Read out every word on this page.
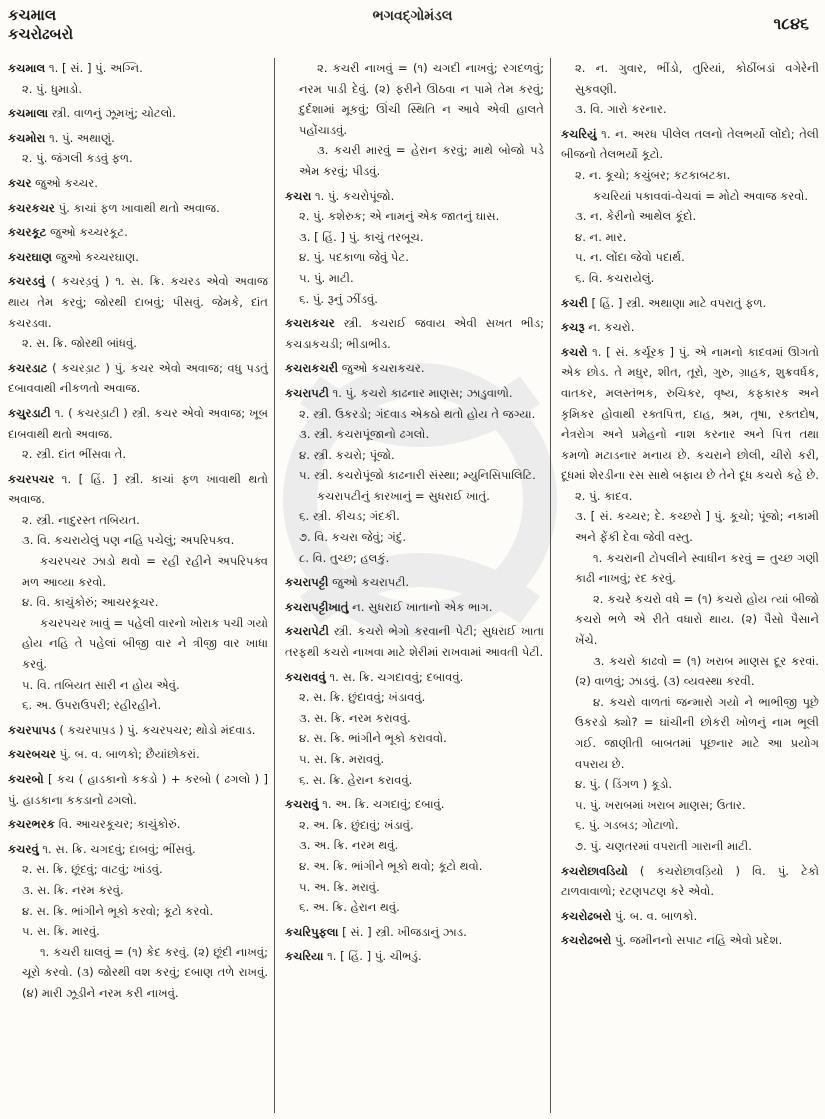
કચમાલ
કચરોઢબરો
ભગવદ્ગોમંડલ	૧૮૪૬
કચમાલ ૧. [ સં. ] પું. અગ્નિ.
૨. પું. ધુમાડો.
કચમાલા સ્ત્રી. વાળનું ઝૂમખું; ચોટલો.
કચમોરા ૧. પું. અથાણું.
૨. પું. જંગલી કડવું ફળ.
કચર જુઓ કચ્ચર.
કચરકચર પું. કાચાં ફળ ખાવાથી થતો અવાજ.
કચરકૂટ જુઓ કચ્ચરકૂટ.
કચરઘાણ જુઓ કચ્ચરઘાણ.
કચરડવું ( કચરડ઼વું ) ૧. સ. ક્રિ. કચરડ એવો અવાજ થાય તેમ કરવું; જોરથી દાબવું; પીસવું. જેમકે, દાંત કચરડવા.
૨. સ. ક્રિ. જોરથી બાંધવું.
કચરડાટ ( કચરડ઼ાટ ) પું. કચર એવો અવાજ; વધુ પડતું દબાવવાથી નીકળતો અવાજ.
કચુરડાટી ૧. ( કચરડ઼ાટી ) સ્ત્રી. કચર એવો અવાજ; ખૂબ દાબવાથી થતો અવાજ.
૨. સ્ત્રી. દાંત ભીંસવા તે.
કચરપચર ૧. [ હિં. ] સ્ત્રી. કાચાં ફળ ખાવાથી થતો અવાજ.
૨. સ્ત્રી. નાદુરસ્ત તબિયત.
૩. વિ. કચરાયેલું પણ નહિ પચેલું; અપરિપક્વ.
કચરપચર ઝાડો થવો = રહી રહીને અપરિપક્વ મળ આવ્યા કરવો.
૪. વિ. કાચુંકોરું; આચરકૂચર.
કચરપચર ખાવું = પહેલી વારનો ખોરાક પચી ગયો હોય નહિ તે પહેલાં બીજી વાર ને ત્રીજી વાર ખાધા કરવું.
૫. વિ. તબિયત સારી ન હોય એવું.
૬. અ. ઉપરાઉપરી; રહીરહીને.
કચરપાપડ ( કચરપાપ઼ડ ) પું. કચરપચર; થોડો મંદવાડ.
કચરબચર પું. બ. વ. બાળકો; છૈયાંછોકરાં.
કચરબો [ કચ ( હાડકાનો કકડો ) + કરબો ( ઢગલો ) ] પું. હાડકાના કકડાનો ઢગલો.
કચરભરક વિ. આચરકૂચર; કાચુંકોરું.
કચરવું ૧. સ. ક્રિ. ચગદવું; દાબવું; ભીંસવું.
૨. સ. ક્રિ. છૂંદવું; વાટવું; ખાંડવું.
૩. સ. ક્રિ. નરમ કરવું.
૪. સ. ક્રિ. ભાંગીને ભૂકો કરવો; કૂટો કરવો.
૫. સ. ક્રિ. મારવું.
૧. કચરી ઘાલવું = (૧) કેદ કરવું. (૨) છૂંદી નાખવું; ચૂરો કરવો. (૩) જોરથી વશ કરવું; દબાણ તળે રાખવું. (૪) મારી ઝૂડીને નરમ કરી નાખવું.
૨. કચરી નાખવું = (૧) ચગદી નાખવું; રગદળવું; નરમ પાડી દેવું. (૨) ફરીને ઊઠવા ન પામે તેમ કરવું; દુર્દશામાં મૂકવું; ઊંચી સ્થિતિ ન આવે એવી હાલતે પહોંચાડવું.
૩. કચરી મારવું = હેરાન કરવું; માથે બોજો પડે એમ કરવું; પીડવું.
કચરા ૧. પું. કચરોપૂંજો.
૨. પું. કશેરુક; એ નામનું એક જાતનું ઘાસ.
૩. [ હિં. ] પું. કાચું તરબૂચ.
૪. પું. પદકાળા જેવું પેટ.
૫. પું. માટી.
૬. પું. રૂનું ઝીંડવું.
કચરાકચર સ્ત્રી. કચરાઈ જવાય એવી સખત ભીડ; કચડાકચડી; ભીડાભીડ.
કચરાકચરી જુઓ કચરાકચર.
કચરાપટી ૧. પું. કચરો કાઢનાર માણસ; ઝાડુવાળો.
૨. સ્ત્રી. ઉકરડો; ગંદવાડ એકઠો થતો હોય તે જગ્યા.
૩. સ્ત્રી. કચરાપૂંજાનો ઢગલો.
૪. સ્ત્રી. કચરો; પૂંજો.
૫. સ્ત્રી. કચરોપૂંજો કાઢનારી સંસ્થા; મ્યુનિસિપાલિટિ.
કચરાપટીનું કારખાનું = સુધરાઈ ખાતું.
૬. સ્ત્રી. કીચડ; ગંદકી.
૭. વિ. કચરા જેવું; ગંદું.
૮. વિ. તુચ્છ; હલકું.
કચરાપટ્ટી જુઓ કચરાપટી.
કચરાપટ્ટીખાતું ન. સુધરાઈ ખાતાનો એક ભાગ.
કચરાપેટી સ્ત્રી. કચરો ભેગો કરવાની પેટી; સુધરાઈ ખાતા તરફથી કચરો નાખવા માટે શેરીમાં રાખવામાં આવતી પેટી.
કચરાવવું ૧. સ. ક્રિ. ચગદાવવું; દબાવવું.
૨. સ. ક્રિ. છુંદાવવું; ખંડાવવું.
૩. સ. ક્રિ. નરમ કરાવવું.
૪. સ. ક્રિ. ભાંગીને ભૂકો કરાવવો.
૫. સ. ક્રિ. મરાવવું.
૬. સ. ક્રિ. હેરાન કરાવવું.
કચરાવું ૧. અ. ક્રિ. ચગદાવું; દબાવું.
૨. અ. ક્રિ. છુંદાવું; ખંડાવું.
૩. અ. ક્રિ. નરમ થવું.
૪. અ. ક્રિ. ભાંગીને ભૂકો થવો; કૂટો થવો.
૫. અ. ક્રિ. મરાવું.
૬. અ. ક્રિ. હેરાન થવું.
કચરિપુફલા [ સં. ] સ્ત્રી. ખીજડાનું ઝાડ.
કચરિયા ૧. [ હિં. ] પું. ચીભડું.
૨. ન. ગુવાર, ભીંડો, તુરિયાં, કોઠીંબડાં વગેરેની સુકવણી.
૩. વિ. ગારો કરનાર.
કચરિયું ૧. ન. અરધ પીલેલ તલનો તેલભર્યો લોંદો; તેલી બીજનો તેલભર્યો કૂટો.
૨. ન. કૂચો; કચુંબર; કટકાબટકા.
કચરિયાં પકાવવાં-વેચવાં = મોટો અવાજ કરવો.
૩. ન. કેરીનો આથેલ કૂંદો.
૪. ન. માર.
૫. ન. લોંદા જેવો પદાર્થ.
૬. વિ. કચરાયેલું.
કચરી [ હિં. ] સ્ત્રી. અથાણા માટે વપરાતું ફળ.
કચરૂ ન. કચરો.
કચરો ૧. [ સં. કર્ચૂરક ] પું. એ નામનો કાદવમાં ઊગતો એક છોડ. તે મધુર, શીત, તૂરો, ગુરુ, ગ્રાહક, શુક્રવર્ધક, વાતકર, મલસ્તંભક, રુચિકર, વૃષ્ય, કફકારક અને કૃમિકર હોવાથી રક્તપિત્ત, દાહ, શ્રમ, તૃષા, રક્તદોષ, નેત્રરોગ અને પ્રમેહનો નાશ કરનાર અને પિત્ત તથા કમળો મટાડનાર મનાય છે. કચરાને છોલી, ચીરો કરી, દૂધમાં શેરડીના રસ સાથે બફાય છે તેને દૂધ કચરો કહે છે.
૨. પું. કાદવ.
૩. [ સં. કચ્ચર; દે. કચ્છરો ] પું. કૂચો; પૂંજો; નકામી અને ફેંકી દેવા જેવી વસ્તુ.
૧. કચરાની ટોપલીને સ્વાધીન કરવું = તુચ્છ ગણી કાઢી નાખવું; રદ કરવું.
૨. કચરે કચરો વધે = (૧) કચરો હોય ત્યાં બીજો કચરો ભળે એ રીતે વધારો થાય. (૨) પૈસો પૈસાને ખેંચે.
૩. કચરો કાઢવો = (૧) ખરાબ માણસ દૂર કરવાં. (૨) વાળવું; ઝાડવું. (૩) વ્યવસ્થા કરવી.
૪. કચરો વાળતાં જન્મારો ગયો ને ભાભીજી પૂછે ઉકરડો ક્યો? = ઘાંચીની છોકરી ખોળનું નામ ભૂલી ગઈ. જાણીતી બાબતમાં પૂછનાર માટે આ પ્રયોગ વપરાય છે.
૪. પું. ( ડિંગળ ) કૂડો.
૫. પું. ખરાબમાં ખરાબ માણસ; ઉતાર.
૬. પું. ગડબડ; ગોટાળો.
૭. પું. ચણતરમાં વપરાતી ગારાની માટી.
કચરોછાવડિયો ( કચરોછાવડ઼િયો ) વિ. પું. ટેકો ટાળવાવાળો; રટણપટણ કરે એવો.
કચરોઢબરો પું. બ. વ. બાળકો.
કચરોઢબરો પું. જમીનનો સપાટ નહિ એવો પ્રદેશ.
